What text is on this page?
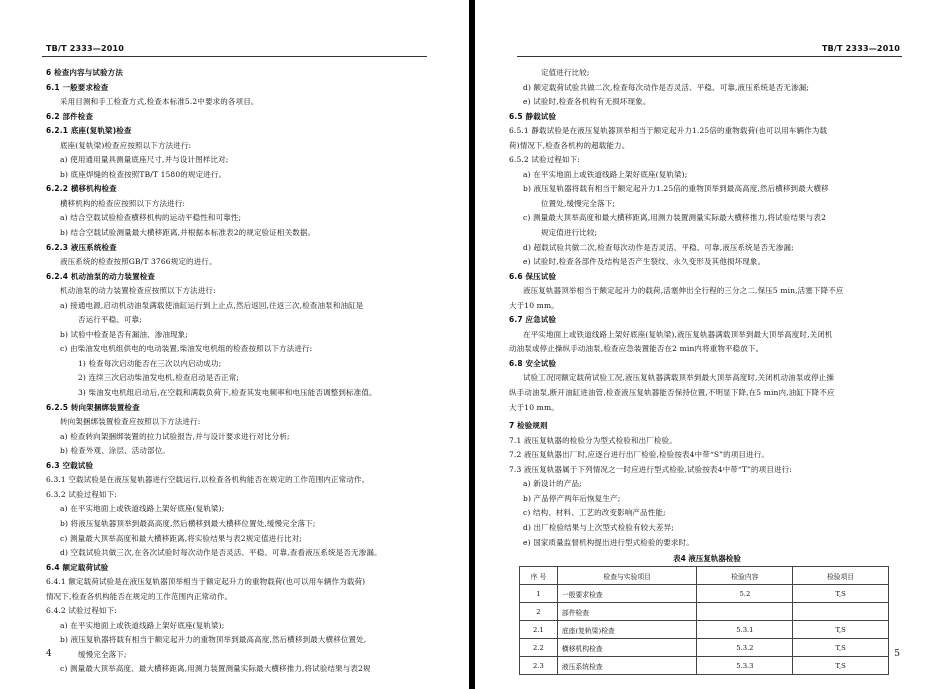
TB/T 2333—2010
6 检查内容与试验方法
6.1 一般要求检查
采用目测和手工检查方式,检查本标准5.2中要求的各项目。
6.2 部件检查
6.2.1 底座(复轨梁)检查
底座(复轨梁)检查应按照以下方法进行:
a) 使用通用量具测量底座尺寸,并与设计图样比对;
b) 底座焊缝的检查按照TB/T 1580的规定进行。
6.2.2 横移机构检查
横移机构的检查应按照以下方法进行:
a) 结合空载试验检查横移机构的运动平稳性和可靠性;
b) 结合空载试验测量最大横移距离,并根据本标准表2的规定验证相关数据。
6.2.3 液压系统检查
液压系统的检查按照GB/T 3766规定的进行。
6.2.4 机动油泵的动力装置检查
机动油泵的动力装置检查应按照以下方法进行:
a) 接通电源,启动机动油泵满载使油缸运行到上止点,然后返回,往返三次,检查油泵和油缸是
否运行平稳、可靠;
b) 试验中检查是否有漏油、渗油现象;
c) 由柴油发电机组供电的电动装置,柴油发电机组的检查按照以下方法进行:
1) 检查每次启动能否在三次以内启动成功;
2) 连续三次启动柴油发电机,检查启动是否正常;
3) 柴油发电机组启动后,在空载和满载负荷下,检查其发电频率和电压能否调整到标准值。
6.2.5 转向架捆绑装置检查
转向架捆绑装置检查应按照以下方法进行:
a) 检查转向架捆绑装置的拉力试验报告,并与设计要求进行对比分析;
b) 检查外观、涂层、活动部位。
6.3 空载试验
6.3.1 空载试验是在液压复轨器进行空载运行,以检查各机构能否在规定的工作范围内正常动作。
6.3.2 试验过程如下:
a) 在平实地面上或铁道线路上架好底座(复轨梁);
b) 将液压复轨器顶举到最高高度,然后横移到最大横移位置处,缓慢完全落下;
c) 测量最大顶举高度和最大横移距离,将实验结果与表2规定值进行比对;
d) 空载试验共做三次,在各次试验时每次动作是否灵活、平稳、可靠,查看液压系统是否无渗漏。
6.4 额定载荷试验
6.4.1 额定载荷试验是在液压复轨器顶举相当于额定起升力的重物载荷(也可以用车辆作为载荷)
情况下,检查各机构能否在规定的工作范围内正常动作。
6.4.2 试验过程如下:
a) 在平实地面上或铁道线路上架好底座(复轨梁);
b) 液压复轨器将载有相当于额定起升力的重物顶举到最高高度,然后横移到最大横移位置处,
缓慢完全落下;
c) 测量最大顶举高度、最大横移距离,用测力装置测量实际最大横移推力,将试验结果与表2规
4
TB/T 2333—2010
定值进行比较;
d) 额定载荷试验共做二次,检查每次动作是否灵活、平稳、可靠,液压系统是否无渗漏;
e) 试验时,检查各机构有无损坏现象。
6.5 静载试验
6.5.1 静载试验是在液压复轨器顶举相当于额定起升力1.25倍的重物载荷(也可以用车辆作为载
荷)情况下,检查各机构的超载能力。
6.5.2 试验过程如下:
a) 在平实地面上或铁道线路上架好底座(复轨梁);
b) 液压复轨器将载有相当于额定起升力1.25倍的重物顶举到最高高度,然后横移到最大横移
位置处,缓慢完全落下;
c) 测量最大顶举高度和最大横移距离,用测力装置测量实际最大横移推力,将试验结果与表2
规定值进行比较;
d) 超载试验共做二次,检查每次动作是否灵活、平稳、可靠,液压系统是否无渗漏;
e) 试验时,检查各部件及结构是否产生裂纹、永久变形及其他损坏现象。
6.6 保压试验
液压复轨器顶举相当于额定起升力的载荷,活塞伸出全行程的三分之二,保压5 min,活塞下降不应
大于10 mm。
6.7 应急试验
在平实地面上或铁道线路上架好底座(复轨梁),液压复轨器满载顶举到最大顶举高度时,关闭机
动油泵或停止操纵手动油泵,检查应急装置能否在2 min内将重物平稳放下。
6.8 安全试验
试验工况同额定载荷试验工况,液压复轨器满载顶举到最大顶举高度时,关闭机动油泵或停止操
纵手动油泵,断开油缸进油管,检查液压复轨器能否保持位置,不明显下降,在5 min内,油缸下降不应
大于10 mm。
7 检验规则
7.1 液压复轨器的检验分为型式检验和出厂检验。
7.2 液压复轨器出厂时,应逐台进行出厂检验,检验按表4中带“S”的项目进行。
7.3 液压复轨器属于下列情况之一时应进行型式检验,试验按表4中带“T”的项目进行:
a) 新设计的产品;
b) 产品停产两年后恢复生产;
c) 结构、材料、工艺的改变影响产品性能;
d) 出厂检验结果与上次型式检验有较大差异;
e) 国家质量监督机构提出进行型式检验的要求时。
表4 液压复轨器检验
序 号	检查与实验项目	检验内容	检验项目
1	一般要求检查	5.2	T,S
2	部件检查		
2.1	底座(复轨梁)检查	5.3.1	T,S
2.2	横移机构检查	5.3.2	T,S
2.3	液压系统检查	5.3.3	T,S
5
